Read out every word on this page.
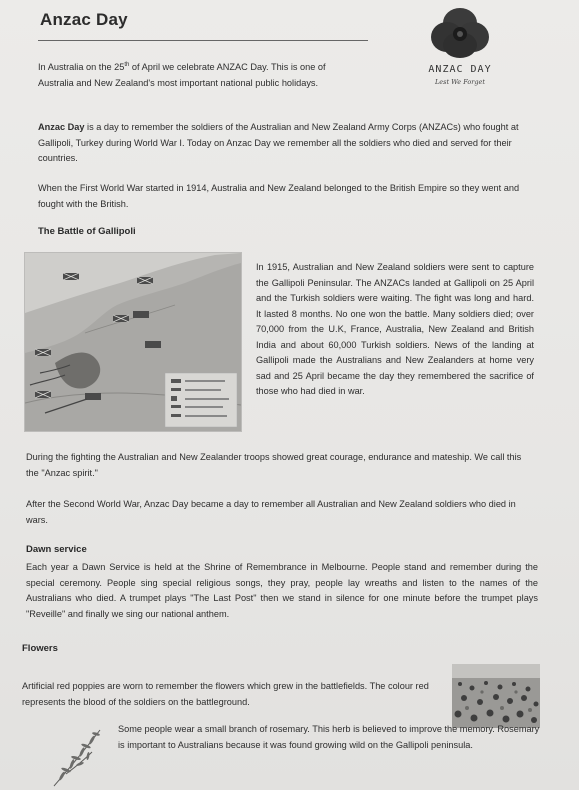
Anzac Day
ANZAC DAY
Lest We Forget
In Australia on the 25th of April we celebrate ANZAC Day. This is one of Australia and New Zealand's most important national public holidays.
Anzac Day is a day to remember the soldiers of the Australian and New Zealand Army Corps (ANZACs) who fought at Gallipoli, Turkey during World War I. Today on Anzac Day we remember all the soldiers who died and served for their countries.
When the First World War started in 1914, Australia and New Zealand belonged to the British Empire so they went and fought with the British.
The Battle of Gallipoli
In 1915, Australian and New Zealand soldiers were sent to capture the Gallipoli Peninsular. The ANZACs landed at Gallipoli on 25 April and the Turkish soldiers were waiting. The fight was long and hard. It lasted 8 months. No one won the battle. Many soldiers died; over 70,000 from the U.K, France, Australia, New Zealand and British India and about 60,000 Turkish soldiers. News of the landing at Gallipoli made the Australians and New Zealanders at home very sad and 25 April became the day they remembered the sacrifice of those who had died in war.
During the fighting the Australian and New Zealander troops showed great courage, endurance and mateship. We call this the "Anzac spirit."
After the Second World War, Anzac Day became a day to remember all Australian and New Zealand soldiers who died in wars.
Dawn service
Each year a Dawn Service is held at the Shrine of Remembrance in Melbourne. People stand and remember during the special ceremony. People sing special religious songs, they pray, people lay wreaths and listen to the names of the Australians who died. A trumpet plays "The Last Post" then we stand in silence for one minute before the trumpet plays "Reveille" and finally we sing our national anthem.
Flowers
Artificial red poppies are worn to remember the flowers which grew in the battlefields. The colour red represents the blood of the soldiers on the battleground.
Some people wear a small branch of rosemary. This herb is believed to improve the memory. Rosemary is important to Australians because it was found growing wild on the Gallipoli peninsula.
